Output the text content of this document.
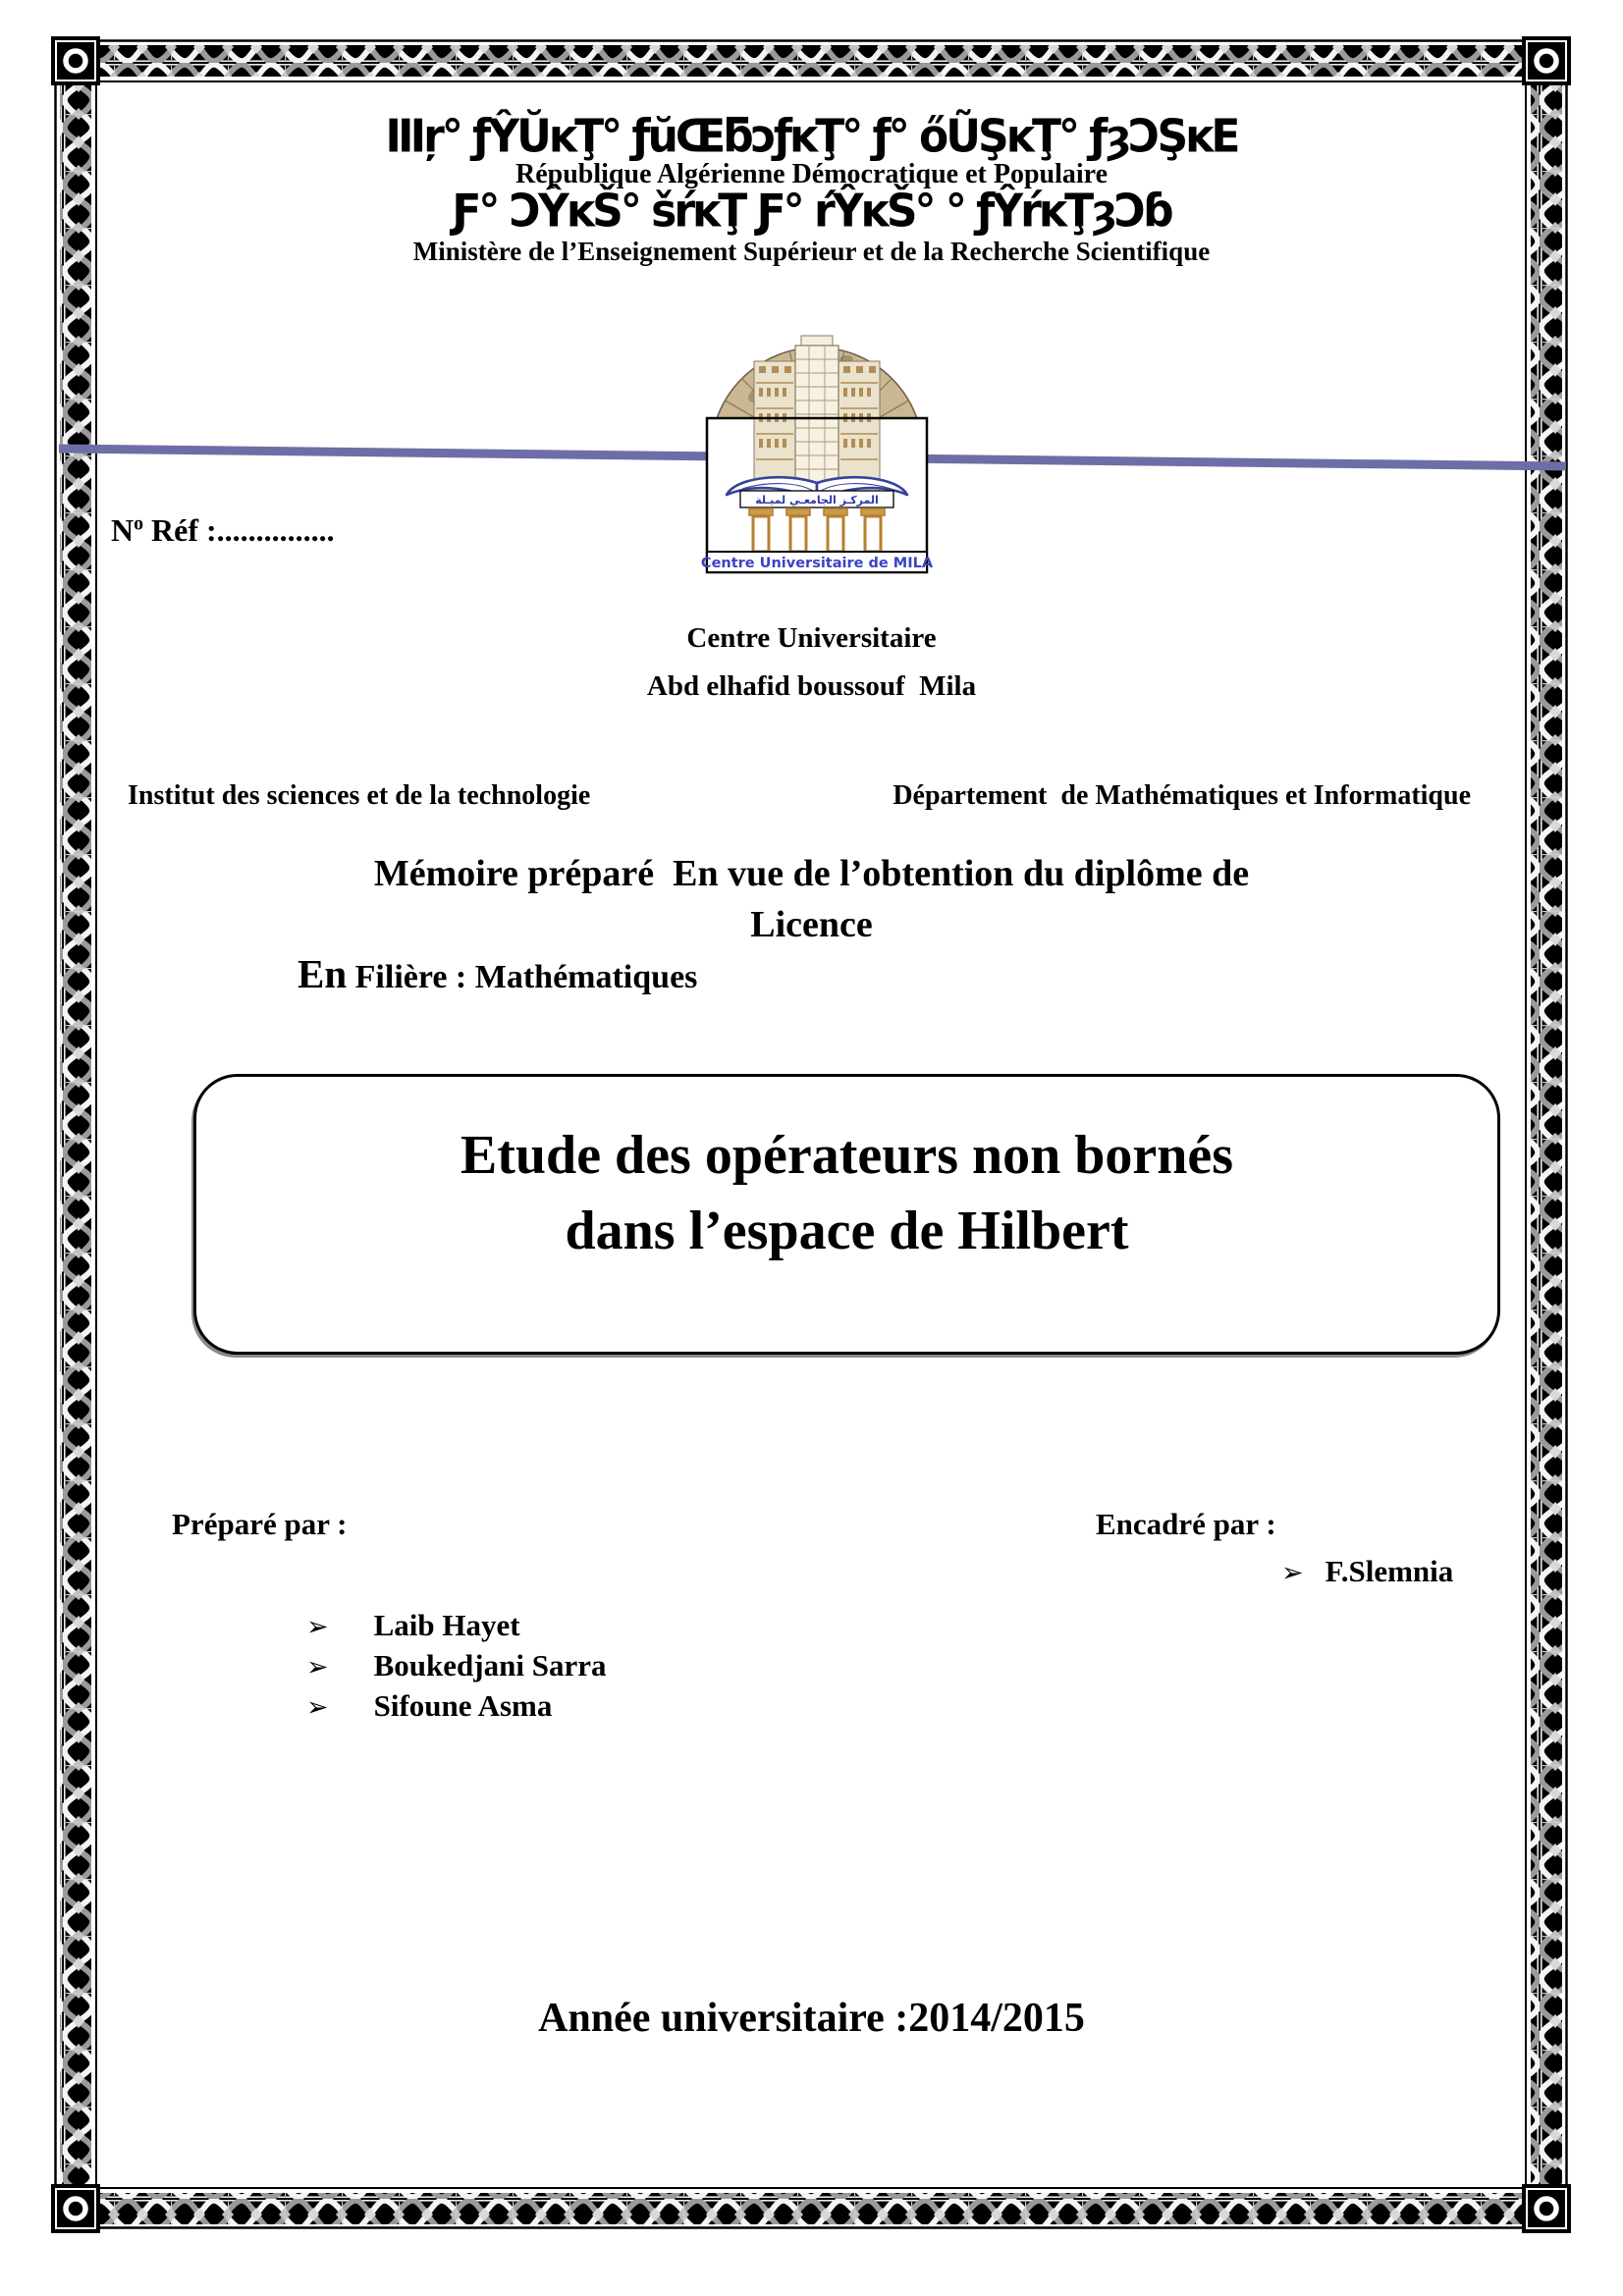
Ⅲŗ° ƒŶŬĸŢ° ƒŭŒƃɔƒĸŢ° ƒ° őŨŞĸŢ° ƒȝƆŞĸE
République Algérienne Démocratique et Populaire
Ƒ° ƆŶĸŠ° šŕĸŢ Ƒ° ŕŶĸŠ° ° ƒŶŕĸŢȝƆɓ
Ministère de l’Enseignement Supérieur et de la Recherche Scientifique
$N^o$ Réf :...............
المركـز الجامعـي لميـلة
Centre Universitaire de MILA
Centre Universitaire
Abd elhafid boussouf  Mila
Institut des sciences et de la technologie	Département  de Mathématiques et Informatique
Mémoire préparé  En vue de l’obtention du diplôme de
Licence
En Filière : Mathématiques
Etude des opérateurs non bornés
dans l’espace de Hilbert
Préparé par :	Encadré par :
➢ F.Slemnia
➢ Laib Hayet
➢ Boukedjani Sarra
➢ Sifoune Asma
Année universitaire :2014/2015
